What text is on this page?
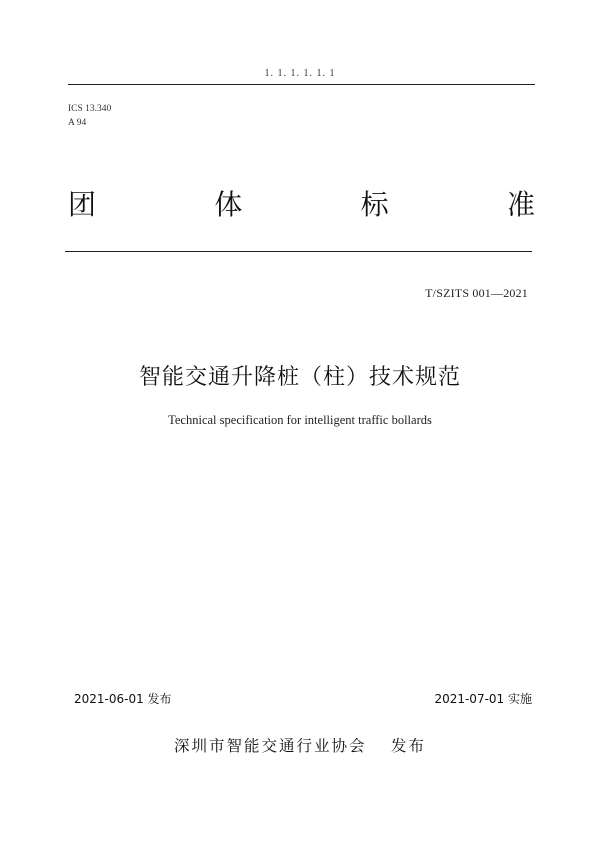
1. 1. 1. 1. 1. 1
ICS 13.340
A 94
团	体	标	准
T/SZITS 001—2021
智能交通升降桩（柱）技术规范
Technical specification for intelligent traffic bollards
2021-06-01 发布	2021-07-01 实施
深圳市智能交通行业协会　 发布
